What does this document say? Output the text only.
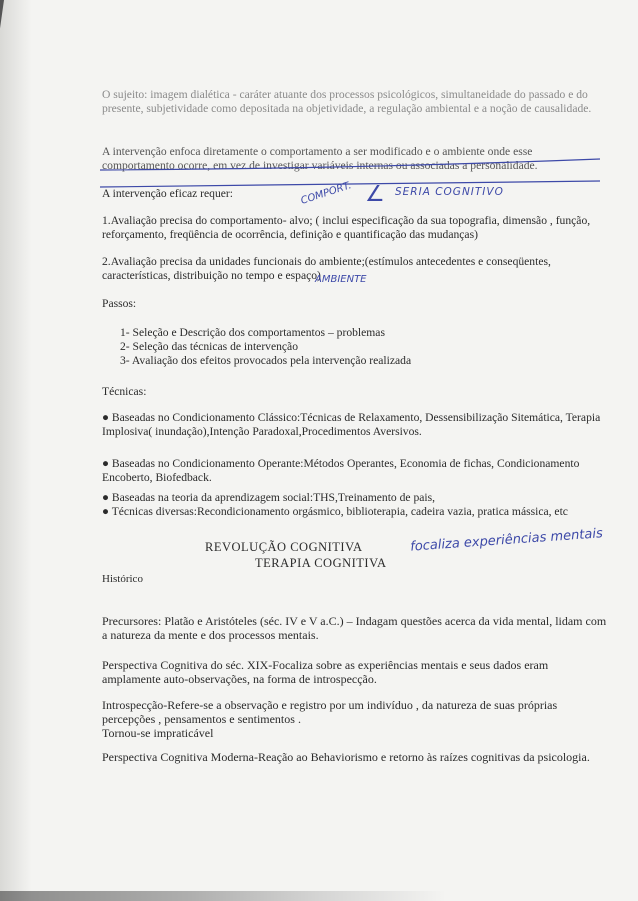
O sujeito: imagem dialética - caráter atuante dos processos psicológicos, simultaneidade do passado e do presente, subjetividade como depositada na objetividade, a regulação ambiental e a noção de causalidade.
A intervenção enfoca diretamente o comportamento a ser modificado e o ambiente onde esse comportamento ocorre, em vez de investigar variáveis internas ou associadas a personalidade.
A intervenção eficaz requer:	COMPORT. ∠ SERIA COGNITIVO
1.Avaliação precisa do comportamento- alvo; ( inclui especificação da sua topografia, dimensão , função, reforçamento, freqüência de ocorrência, definição e quantificação das mudanças)
2.Avaliação precisa da unidades funcionais do ambiente;(estímulos antecedentes e conseqüentes, características, distribuição no tempo e espaço)
AMBIENTE
Passos:
1- Seleção e Descrição dos comportamentos – problemas
2- Seleção das técnicas de intervenção
3- Avaliação dos efeitos provocados pela intervenção realizada
Técnicas:
● Baseadas no Condicionamento Clássico:Técnicas de Relaxamento, Dessensibilização Sitemática, Terapia Implosiva( inundação),Intenção Paradoxal,Procedimentos Aversivos.
● Baseadas no Condicionamento Operante:Métodos Operantes, Economia de fichas, Condicionamento Encoberto, Biofedback.
● Baseadas na teoria da aprendizagem social:THS,Treinamento de pais,
● Técnicas diversas:Recondicionamento orgásmico, biblioterapia, cadeira vazia, pratica mássica, etc
REVOLUÇÃO COGNITIVA
TERAPIA COGNITIVA
focaliza experiências mentais
Histórico
Precursores: Platão e Aristóteles (séc. IV e V a.C.) – Indagam questões acerca da vida mental, lidam com a natureza da mente e dos processos mentais.
Perspectiva Cognitiva do séc. XIX-Focaliza sobre as experiências mentais e seus dados eram amplamente auto-observações, na forma de introspecção.
Introspecção-Refere-se a observação e registro por um indivíduo , da natureza de suas próprias percepções , pensamentos e sentimentos .
Tornou-se impraticável
Perspectiva Cognitiva Moderna-Reação ao Behaviorismo e retorno às raízes cognitivas da psicologia.
